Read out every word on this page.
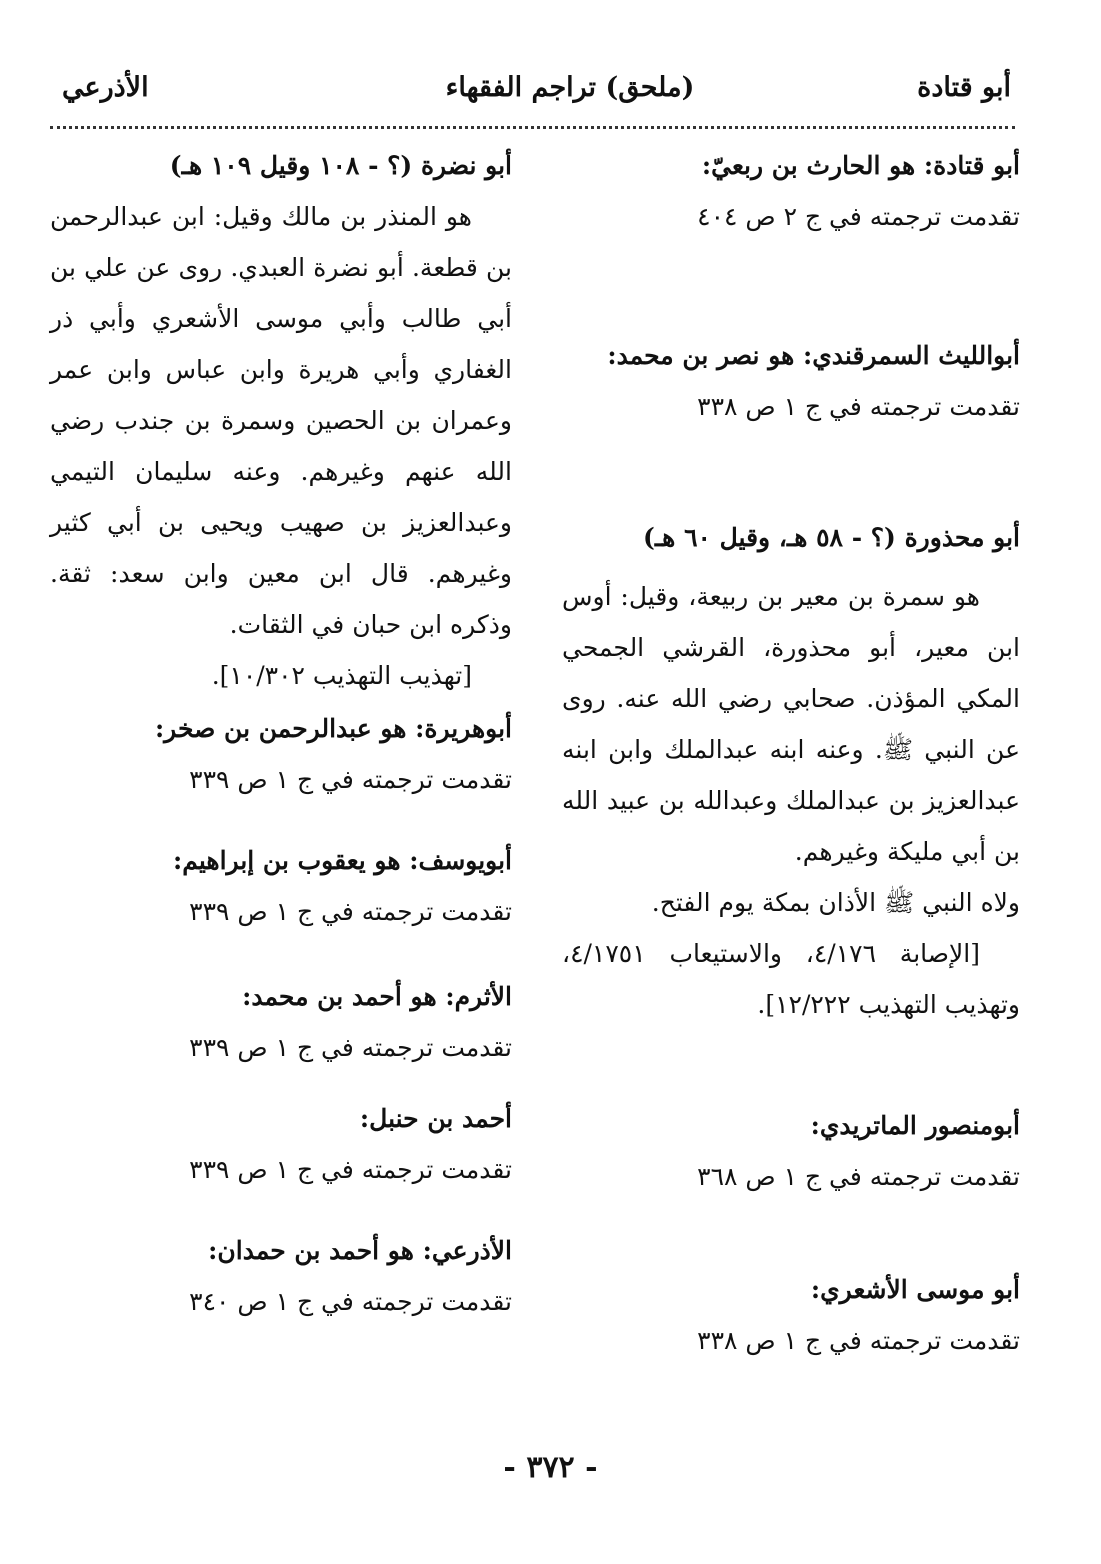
أبو قتادة
(ملحق) تراجم الفقهاء
الأذرعي
أبو قتادة: هو الحارث بن ربعيّ:
تقدمت ترجمته في ج ٢ ص ٤٠٤
أبوالليث السمرقندي: هو نصر بن محمد:
تقدمت ترجمته في ج ١ ص ٣٣٨
أبو محذورة (؟ - ٥٨ هـ، وقيل ٦٠ هـ)

هو سمرة بن معير بن ربيعة، وقيل: أوس ابن معير، أبو محذورة، القرشي الجمحي المكي المؤذن. صحابي رضي الله عنه. روى عن النبي ﷺ. وعنه ابنه عبدالملك وابن ابنه عبدالعزيز بن عبدالملك وعبدالله بن عبيد الله بن أبي مليكة وغيرهم.

ولاه النبي ﷺ الأذان بمكة يوم الفتح.

[الإصابة ٤/١٧٦، والاستيعاب ٤/١٧٥١، وتهذيب التهذيب ١٢/٢٢٢].

أبومنصور الماتريدي:
تقدمت ترجمته في ج ١ ص ٣٦٨
أبو موسى الأشعري:
تقدمت ترجمته في ج ١ ص ٣٣٨
أبو نضرة (؟ - ١٠٨ وقيل ١٠٩ هـ)

هو المنذر بن مالك وقيل: ابن عبدالرحمن بن قطعة. أبو نضرة العبدي. روى عن علي بن أبي طالب وأبي موسى الأشعري وأبي ذر الغفاري وأبي هريرة وابن عباس وابن عمر وعمران بن الحصين وسمرة بن جندب رضي الله عنهم وغيرهم. وعنه سليمان التيمي وعبدالعزيز بن صهيب ويحيى بن أبي كثير وغيرهم. قال ابن معين وابن سعد: ثقة. وذكره ابن حبان في الثقات.

[تهذيب التهذيب ١٠/٣٠٢].

أبوهريرة: هو عبدالرحمن بن صخر:
تقدمت ترجمته في ج ١ ص ٣٣٩
أبويوسف: هو يعقوب بن إبراهيم:
تقدمت ترجمته في ج ١ ص ٣٣٩
الأثرم: هو أحمد بن محمد:
تقدمت ترجمته في ج ١ ص ٣٣٩
أحمد بن حنبل:
تقدمت ترجمته في ج ١ ص ٣٣٩
الأذرعي: هو أحمد بن حمدان:
تقدمت ترجمته في ج ١ ص ٣٤٠
- ٣٧٢ -
